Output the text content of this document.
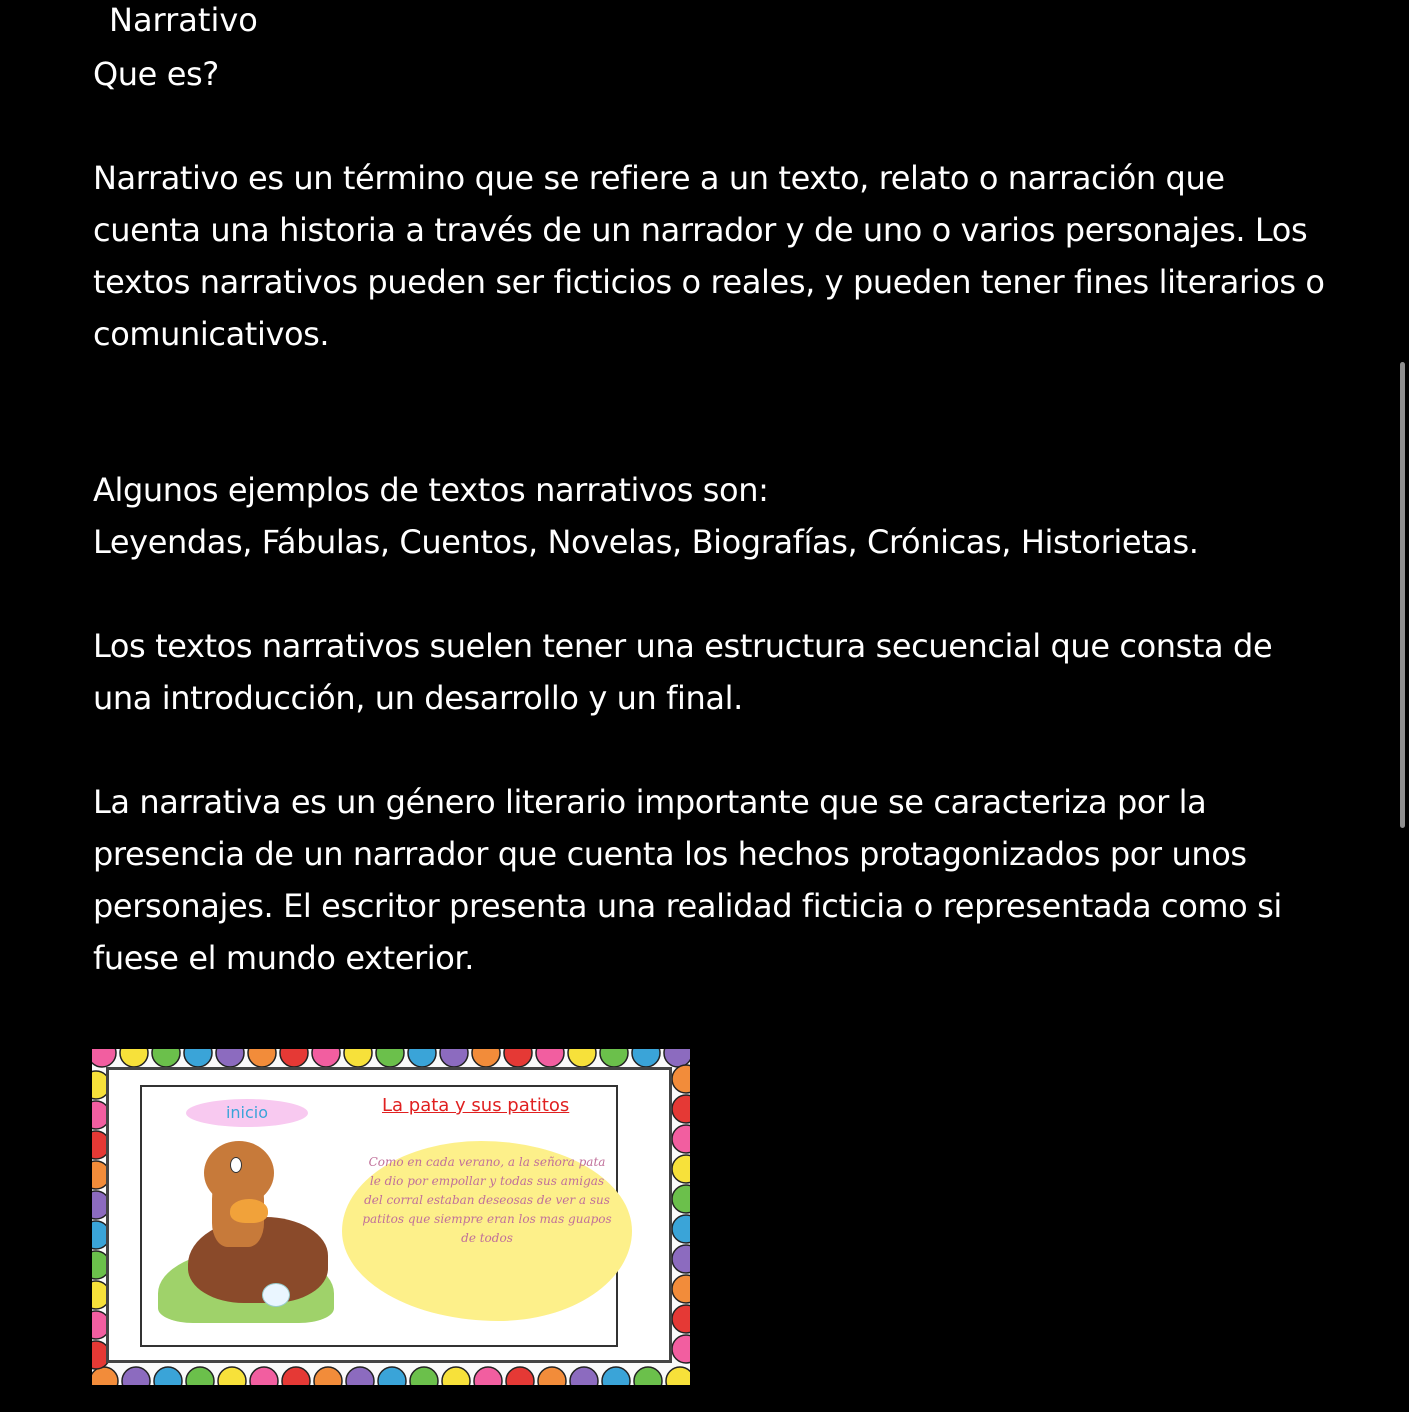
Narrativo

Que es?

Narrativo es un término que se refiere a un texto, relato o narración que cuenta una historia a través de un narrador y de uno o varios personajes. Los textos narrativos pueden ser ficticios o reales, y pueden tener fines literarios o comunicativos.

Algunos ejemplos de textos narrativos son:

Leyendas, Fábulas, Cuentos, Novelas, Biografías, Crónicas, Historietas.

Los textos narrativos suelen tener una estructura secuencial que consta de una introducción, un desarrollo y un final.

La narrativa es un género literario importante que se caracteriza por la presencia de un narrador que cuenta los hechos protagonizados por unos personajes. El escritor presenta una realidad ficticia o representada como si fuese el mundo exterior.

inicio	La pata y sus patitos
Como en cada verano, a la señora pata le dio por empollar y todas sus amigas del corral estaban deseosas de ver a sus patitos que siempre eran los mas guapos de todos
